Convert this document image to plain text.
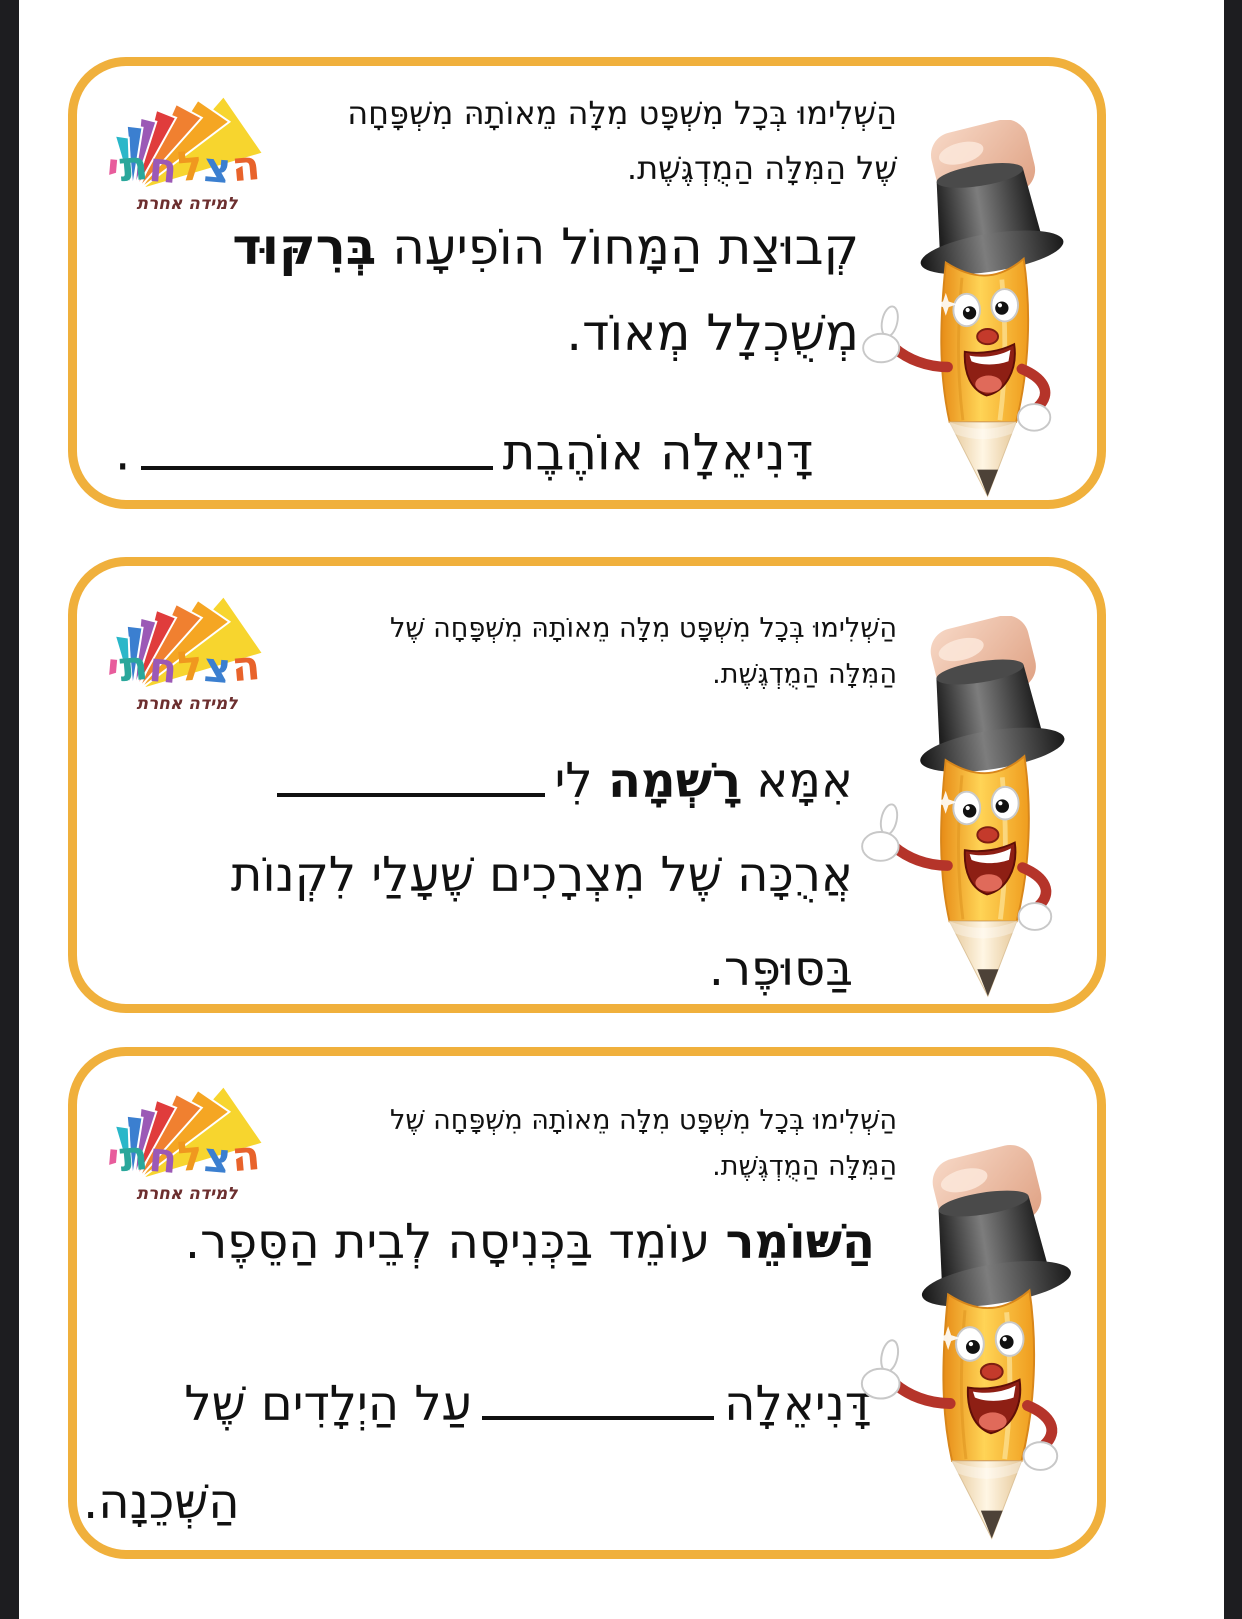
הצלחתי
למידה אחרת
הַשְׁלִימוּ בְּכָל מִשְׁפָּט מִלָּה מֵאוֹתָהּ מִשְׁפָּחָה
שֶׁל הַמִּלָּה הַמֻדְגֶּשֶׁת.
קְבוּצַת הַמָּחוֹל הוֹפִיעָה בְּרִקּוּד
מְשֻׁכְלָל מְאוֹד.
דָּנִיאֵלָה אוֹהֶבֶת.
הצלחתי
למידה אחרת
הַשְׁלִימוּ בְּכָל מִשְׁפָּט מִלָּה מֵאוֹתָהּ מִשְׁפָּחָה שֶׁל
הַמִּלָּה הַמֻדְגֶּשֶׁת.
אִמָּא רָשְׁמָה לִי
אֲרֻכָּה שֶׁל מִצְרָכִים שֶׁעָלַי לִקְנוֹת
בַּסּוּפֶּר.
הצלחתי
למידה אחרת
הַשְׁלִימוּ בְּכָל מִשְׁפָּט מִלָּה מֵאוֹתָהּ מִשְׁפָּחָה שֶׁל
הַמִּלָּה הַמֻדְגֶּשֶׁת.
הַשּׁוֹמֵר עוֹמֵד בַּכְּנִיסָה לְבֵית הַסֵּפֶר.
דָּנִיאֵלָהעַל הַיְלָדִים שֶׁל
הַשְּׁכֵנָה.
